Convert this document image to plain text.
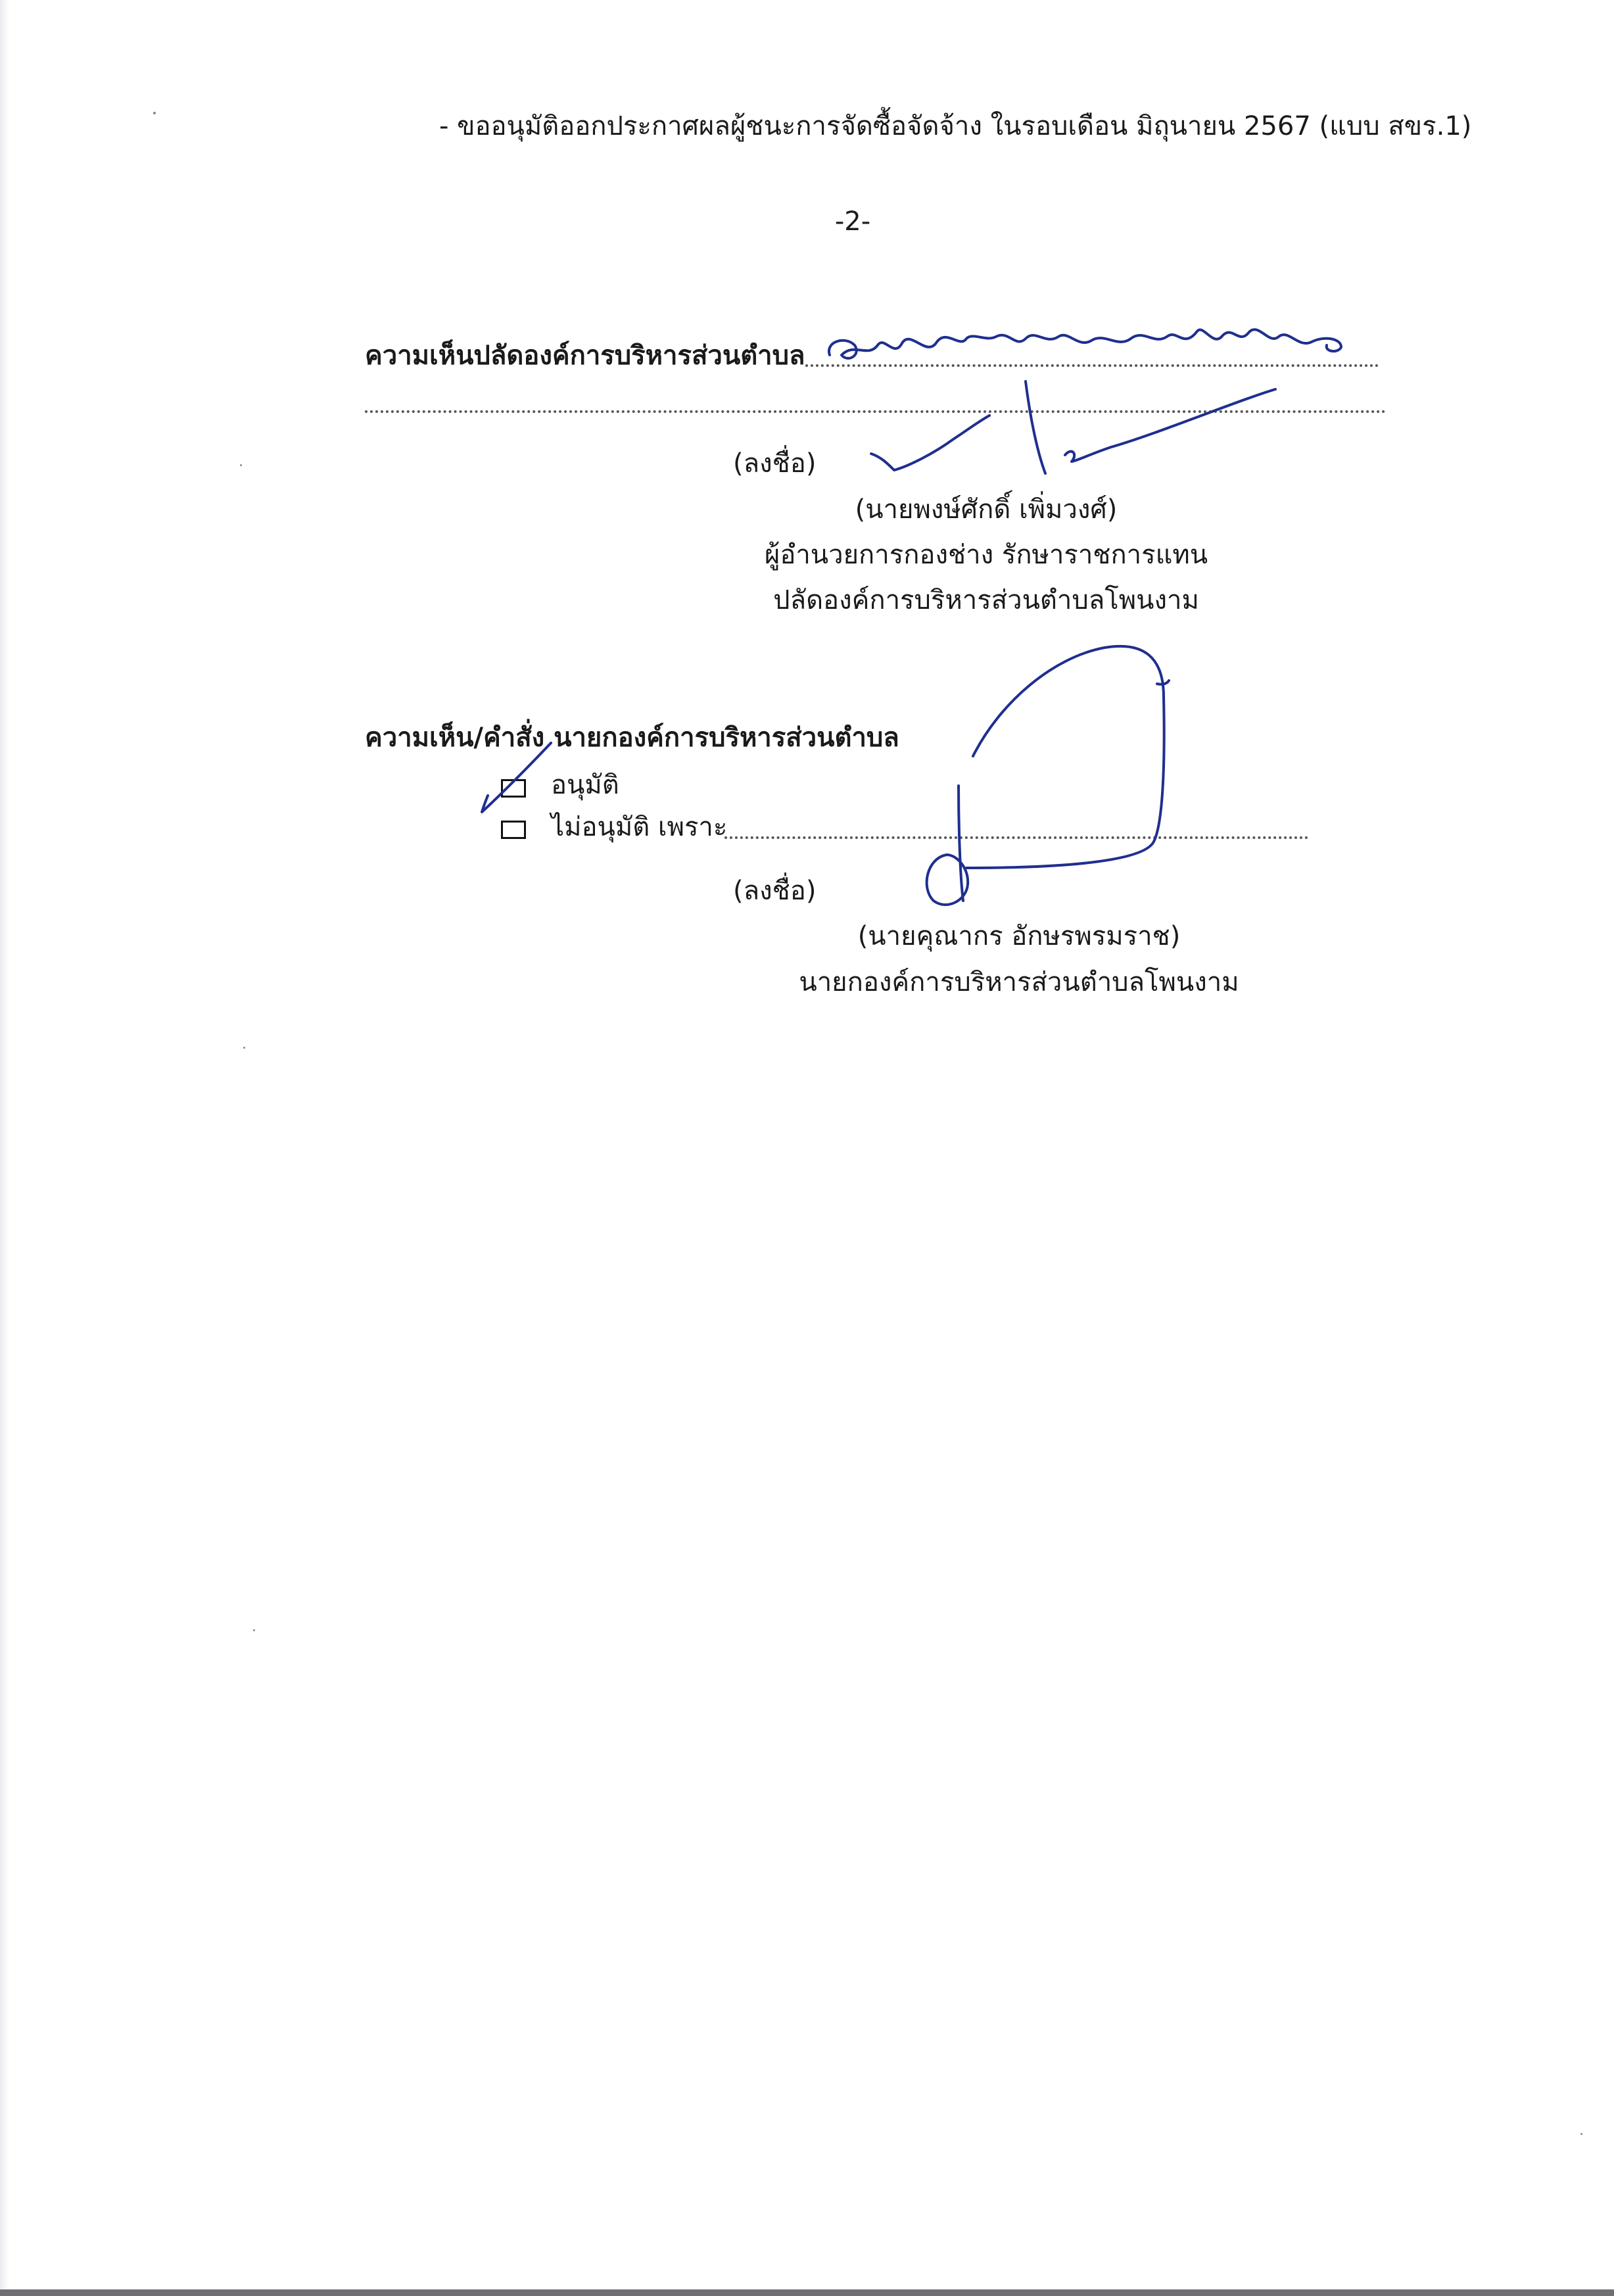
- ขออนุมัติออกประกาศผลผู้ชนะการจัดซื้อจัดจ้าง ในรอบเดือน มิถุนายน 2567 (แบบ สขร.1)
-2-
ความเห็นปลัดองค์การบริหารส่วนตำบล
(ลงชื่อ)
(นายพงษ์ศักดิ์ เพิ่มวงศ์)
ผู้อำนวยการกองช่าง รักษาราชการแทน
ปลัดองค์การบริหารส่วนตำบลโพนงาม
ความเห็น/คำสั่ง นายกองค์การบริหารส่วนตำบล
อนุมัติ
ไม่อนุมัติ เพราะ
(ลงชื่อ)
(นายคุณากร อักษรพรมราช)
นายกองค์การบริหารส่วนตำบลโพนงาม
